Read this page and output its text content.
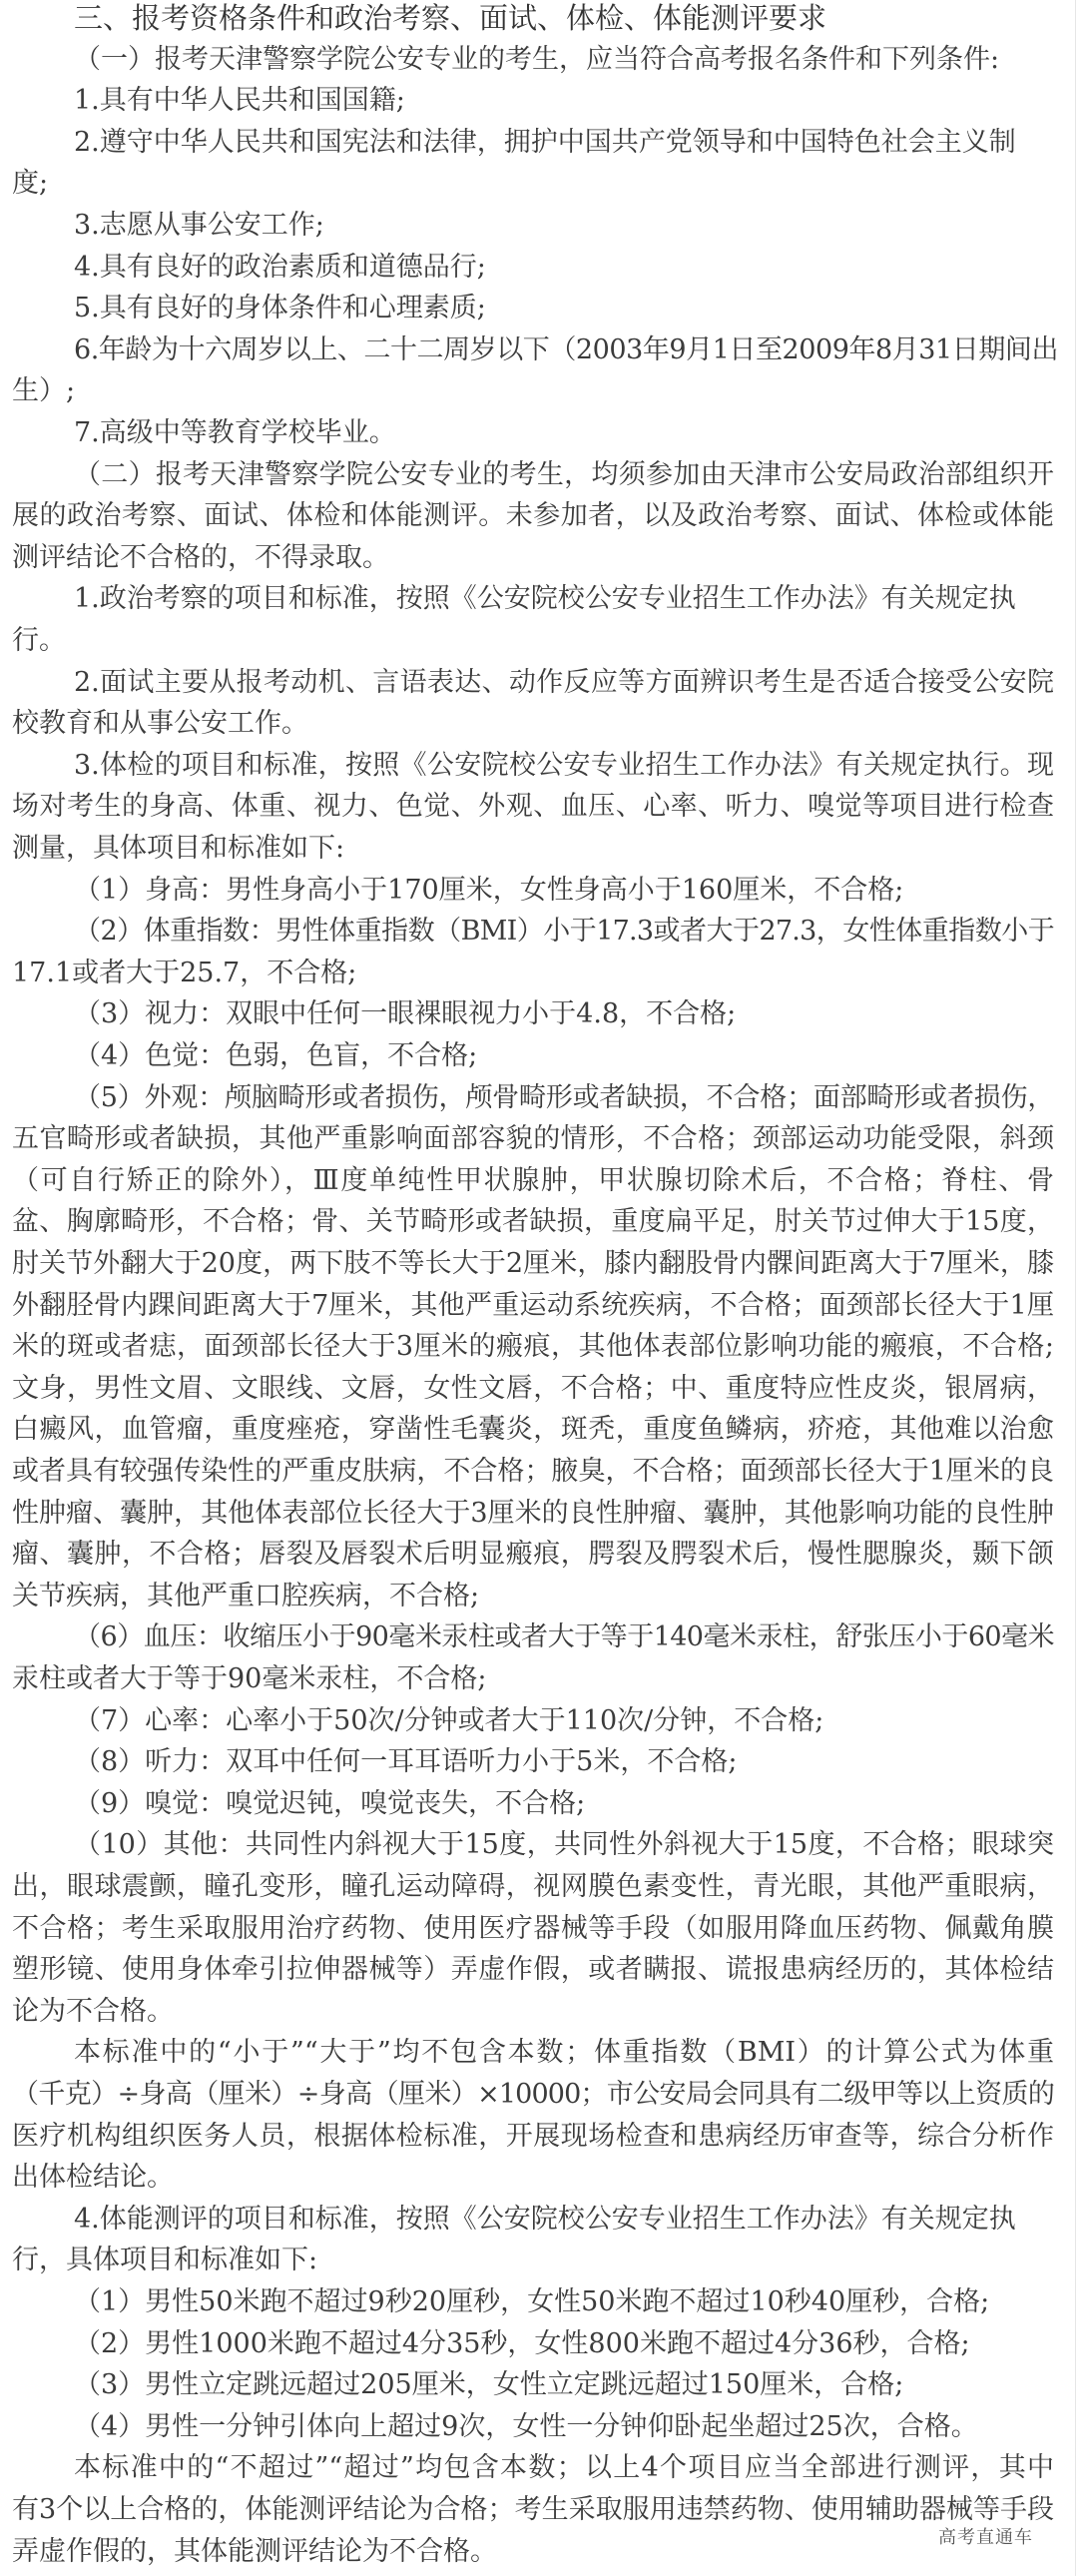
三、报考资格条件和政治考察、面试、体检、体能测评要求
（一）报考天津警察学院公安专业的考生，应当符合高考报名条件和下列条件:
1.具有中华人民共和国国籍;
2.遵守中华人民共和国宪法和法律，拥护中国共产党领导和中国特色社会主义制
度;
3.志愿从事公安工作;
4.具有良好的政治素质和道德品行;
5.具有良好的身体条件和心理素质;
6.年龄为十六周岁以上、二十二周岁以下（2003年9月1日至2009年8月31日期间出
生）;
7.高级中等教育学校毕业。
（二）报考天津警察学院公安专业的考生，均须参加由天津市公安局政治部组织开
展的政治考察、面试、体检和体能测评。未参加者，以及政治考察、面试、体检或体能
测评结论不合格的，不得录取。
1.政治考察的项目和标准，按照《公安院校公安专业招生工作办法》有关规定执
行。
2.面试主要从报考动机、言语表达、动作反应等方面辨识考生是否适合接受公安院
校教育和从事公安工作。
3.体检的项目和标准，按照《公安院校公安专业招生工作办法》有关规定执行。现
场对考生的身高、体重、视力、色觉、外观、血压、心率、听力、嗅觉等项目进行检查
测量，具体项目和标准如下:
（1）身高：男性身高小于170厘米，女性身高小于160厘米，不合格;
（2）体重指数：男性体重指数（BMI）小于17.3或者大于27.3，女性体重指数小于
17.1或者大于25.7，不合格;
（3）视力：双眼中任何一眼裸眼视力小于4.8，不合格;
（4）色觉：色弱，色盲，不合格;
（5）外观：颅脑畸形或者损伤，颅骨畸形或者缺损，不合格；面部畸形或者损伤，
五官畸形或者缺损，其他严重影响面部容貌的情形，不合格；颈部运动功能受限，斜颈
（可自行矫正的除外），Ⅲ度单纯性甲状腺肿，甲状腺切除术后，不合格；脊柱、骨
盆、胸廓畸形，不合格；骨、关节畸形或者缺损，重度扁平足，肘关节过伸大于15度，
肘关节外翻大于20度，两下肢不等长大于2厘米，膝内翻股骨内髁间距离大于7厘米，膝
外翻胫骨内踝间距离大于7厘米，其他严重运动系统疾病，不合格；面颈部长径大于1厘
米的斑或者痣，面颈部长径大于3厘米的瘢痕，其他体表部位影响功能的瘢痕，不合格;
文身，男性文眉、文眼线、文唇，女性文唇，不合格；中、重度特应性皮炎，银屑病，
白癜风，血管瘤，重度痤疮，穿凿性毛囊炎，斑秃，重度鱼鳞病，疥疮，其他难以治愈
或者具有较强传染性的严重皮肤病，不合格；腋臭，不合格；面颈部长径大于1厘米的良
性肿瘤、囊肿，其他体表部位长径大于3厘米的良性肿瘤、囊肿，其他影响功能的良性肿
瘤、囊肿，不合格；唇裂及唇裂术后明显瘢痕，腭裂及腭裂术后，慢性腮腺炎，颞下颌
关节疾病，其他严重口腔疾病，不合格;
（6）血压：收缩压小于90毫米汞柱或者大于等于140毫米汞柱，舒张压小于60毫米
汞柱或者大于等于90毫米汞柱，不合格;
（7）心率：心率小于50次/分钟或者大于110次/分钟，不合格;
（8）听力：双耳中任何一耳耳语听力小于5米，不合格;
（9）嗅觉：嗅觉迟钝，嗅觉丧失，不合格;
（10）其他：共同性内斜视大于15度，共同性外斜视大于15度，不合格；眼球突
出，眼球震颤，瞳孔变形，瞳孔运动障碍，视网膜色素变性，青光眼，其他严重眼病，
不合格；考生采取服用治疗药物、使用医疗器械等手段（如服用降血压药物、佩戴角膜
塑形镜、使用身体牵引拉伸器械等）弄虚作假，或者瞒报、谎报患病经历的，其体检结
论为不合格。
本标准中的“小于”“大于”均不包含本数；体重指数（BMI）的计算公式为体重
（千克）÷身高（厘米）÷身高（厘米）×10000；市公安局会同具有二级甲等以上资质的
医疗机构组织医务人员，根据体检标准，开展现场检查和患病经历审查等，综合分析作
出体检结论。
4.体能测评的项目和标准，按照《公安院校公安专业招生工作办法》有关规定执
行，具体项目和标准如下:
（1）男性50米跑不超过9秒20厘秒，女性50米跑不超过10秒40厘秒，合格;
（2）男性1000米跑不超过4分35秒，女性800米跑不超过4分36秒，合格;
（3）男性立定跳远超过205厘米，女性立定跳远超过150厘米，合格;
（4）男性一分钟引体向上超过9次，女性一分钟仰卧起坐超过25次，合格。
本标准中的“不超过”“超过”均包含本数；以上4个项目应当全部进行测评，其中
有3个以上合格的，体能测评结论为合格；考生采取服用违禁药物、使用辅助器械等手段
弄虚作假的，其体能测评结论为不合格。	高考直通车
